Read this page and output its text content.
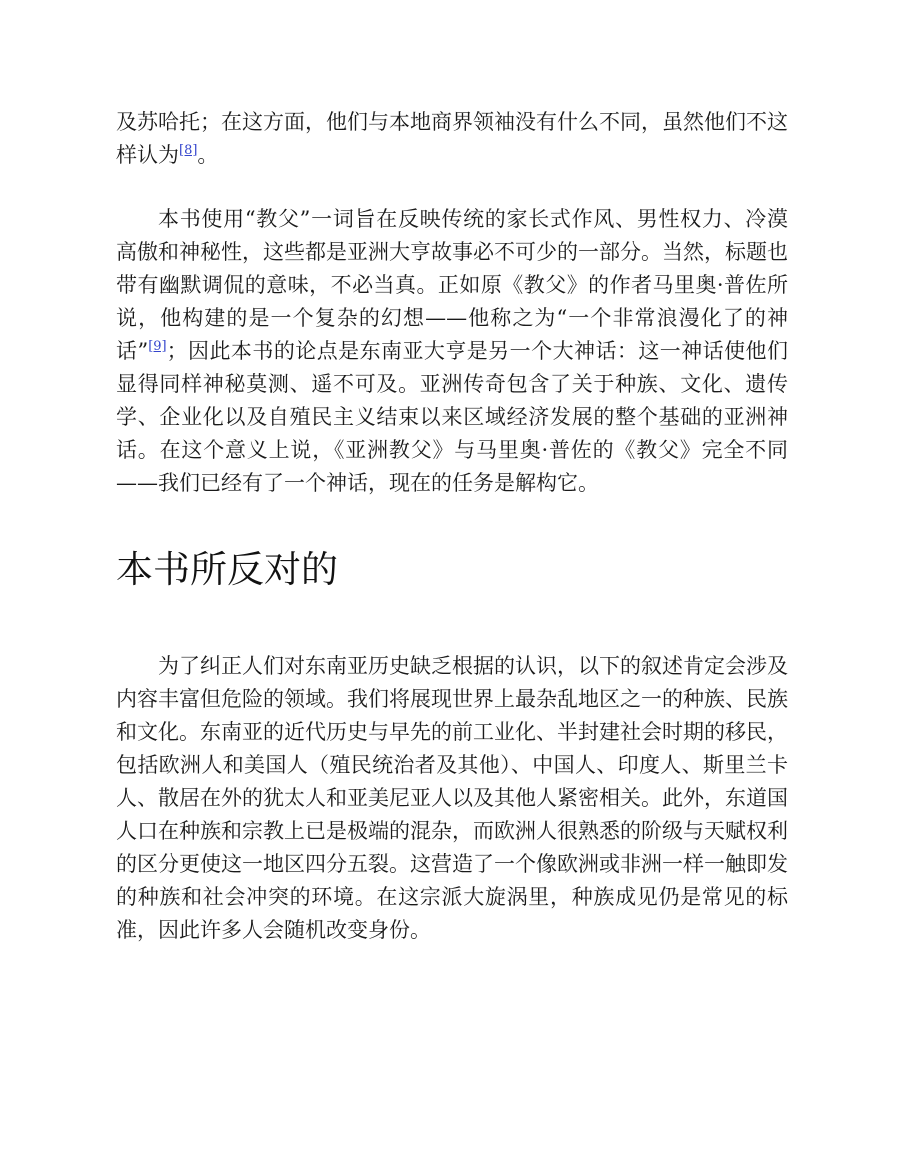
及苏哈托；在这方面，他们与本地商界领袖没有什么不同，虽然他们不这样认为[8]。

本书使用“教父”一词旨在反映传统的家长式作风、男性权力、冷漠高傲和神秘性，这些都是亚洲大亨故事必不可少的一部分。当然，标题也带有幽默调侃的意味，不必当真。正如原《教父》的作者马里奥·普佐所说，他构建的是一个复杂的幻想——他称之为“一个非常浪漫化了的神话”[9]；因此本书的论点是东南亚大亨是另一个大神话：这一神话使他们显得同样神秘莫测、遥不可及。亚洲传奇包含了关于种族、文化、遗传学、企业化以及自殖民主义结束以来区域经济发展的整个基础的亚洲神话。在这个意义上说，《亚洲教父》与马里奥·普佐的《教父》完全不同——我们已经有了一个神话，现在的任务是解构它。

本书所反对的

为了纠正人们对东南亚历史缺乏根据的认识，以下的叙述肯定会涉及内容丰富但危险的领域。我们将展现世界上最杂乱地区之一的种族、民族和文化。东南亚的近代历史与早先的前工业化、半封建社会时期的移民，包括欧洲人和美国人（殖民统治者及其他）、中国人、印度人、斯里兰卡人、散居在外的犹太人和亚美尼亚人以及其他人紧密相关。此外，东道国人口在种族和宗教上已是极端的混杂，而欧洲人很熟悉的阶级与天赋权利的区分更使这一地区四分五裂。这营造了一个像欧洲或非洲一样一触即发的种族和社会冲突的环境。在这宗派大旋涡里，种族成见仍是常见的标准，因此许多人会随机改变身份。
